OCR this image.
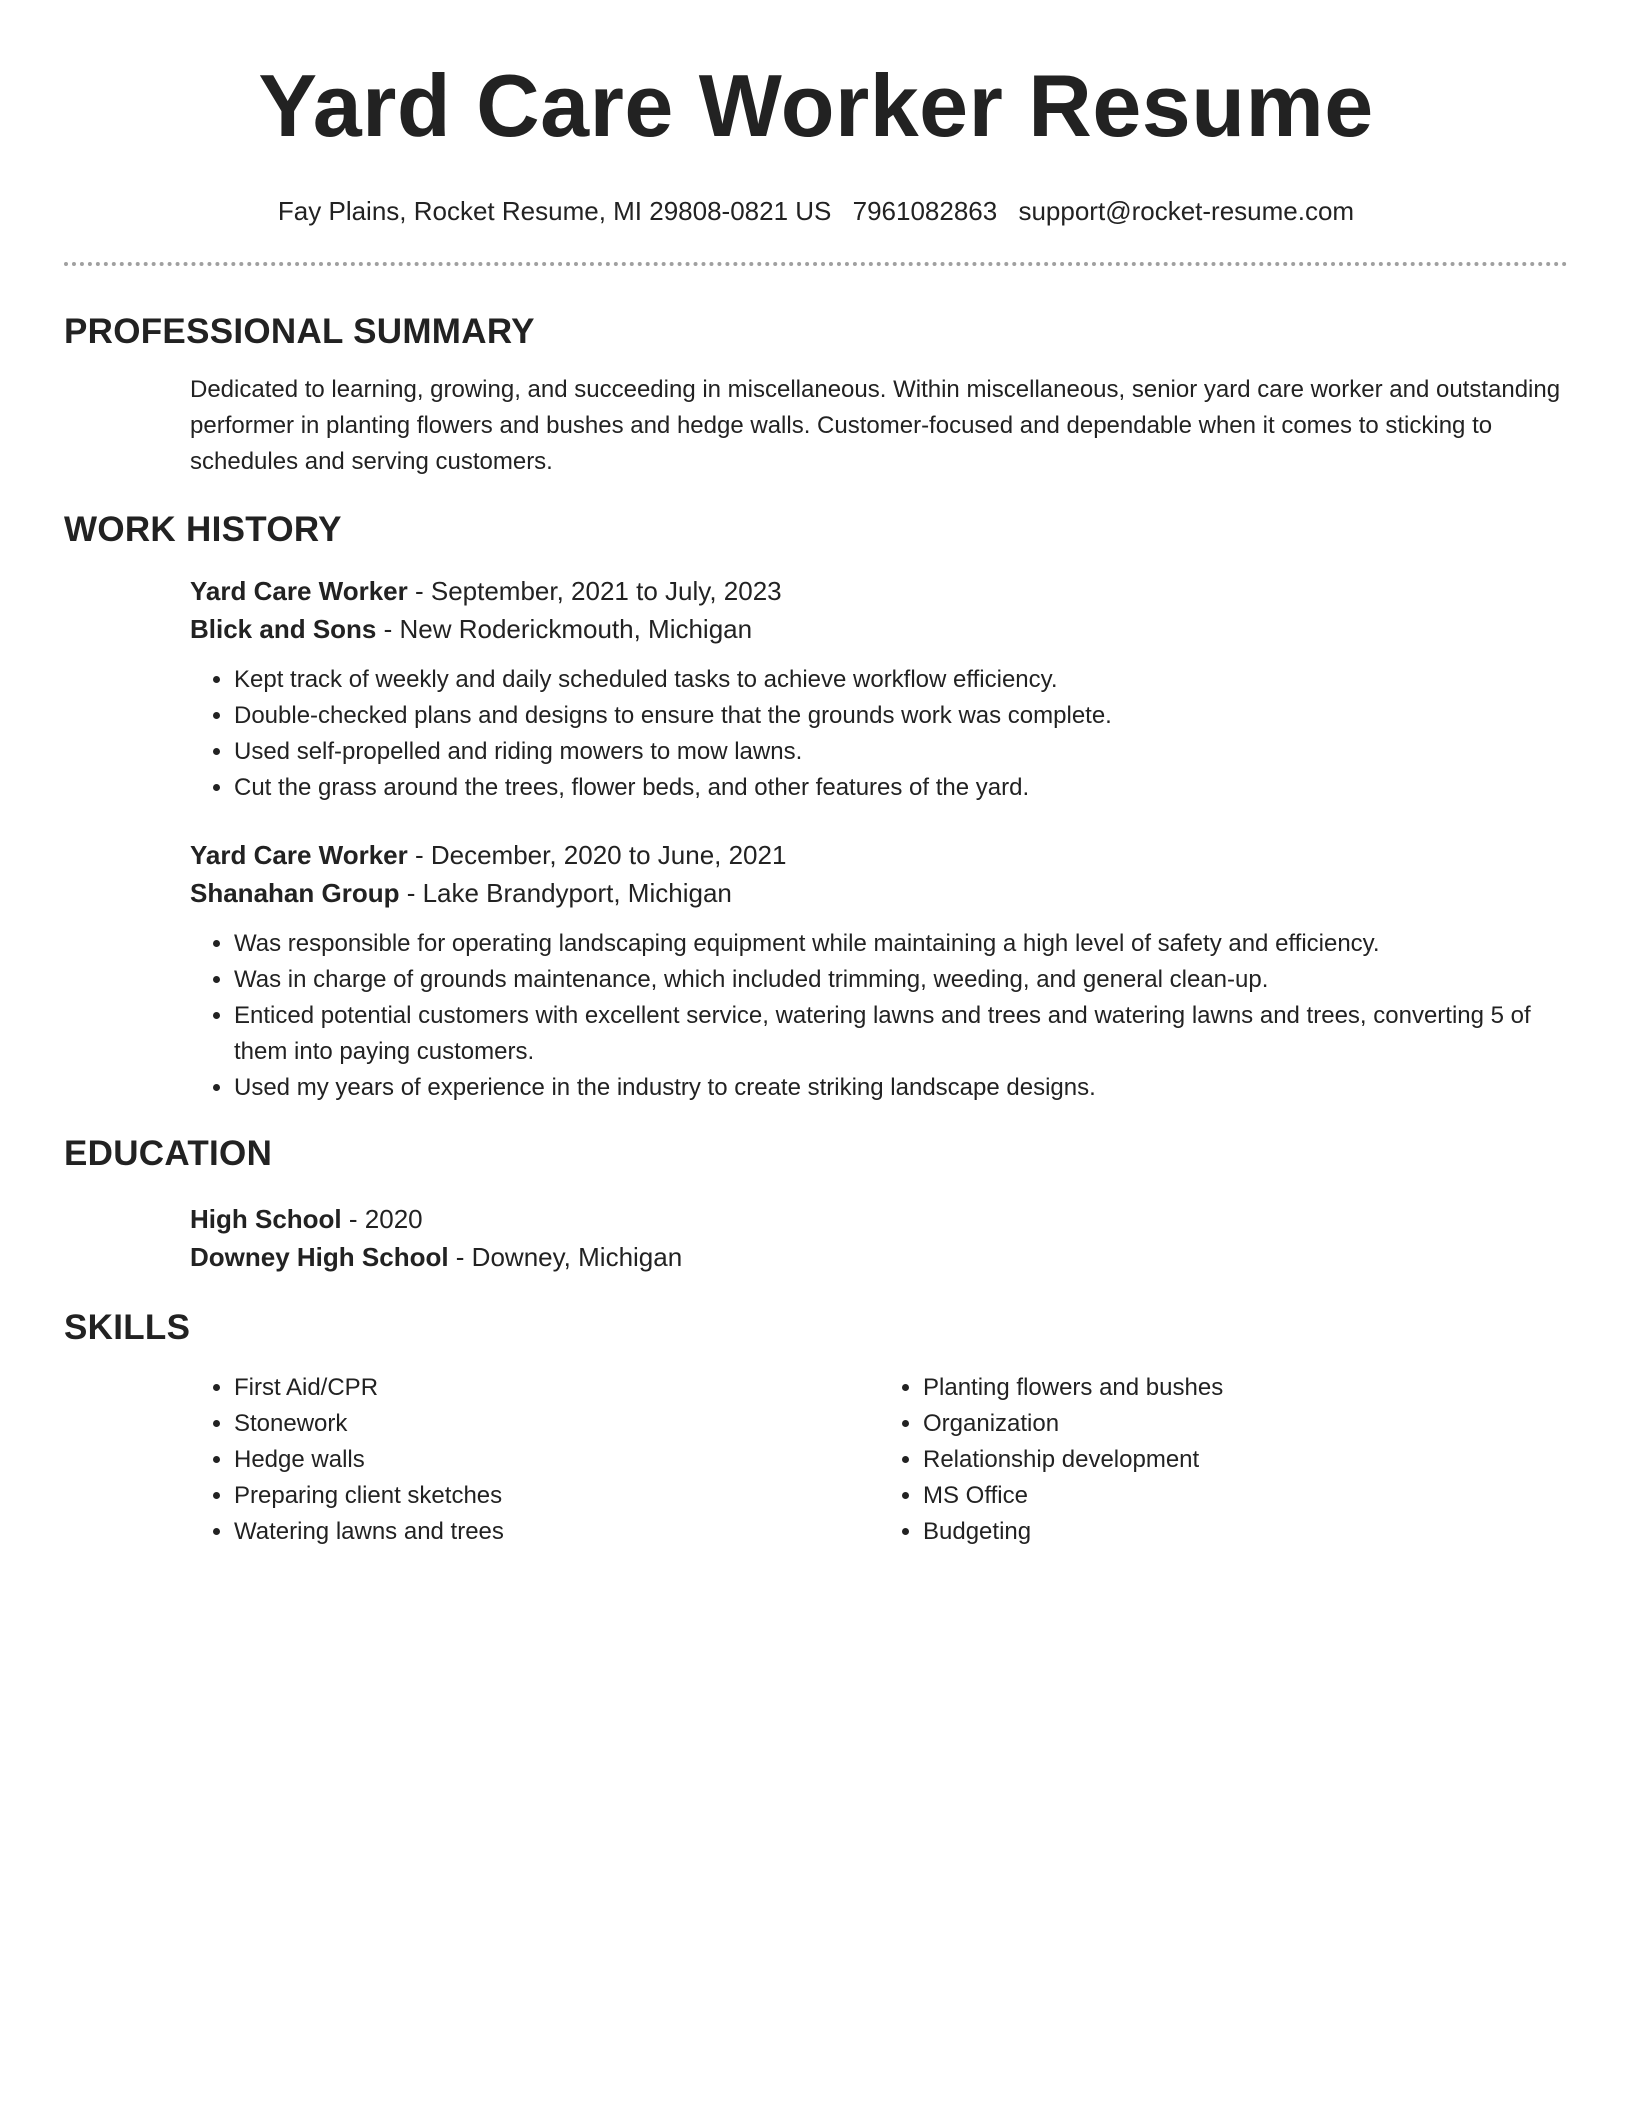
Yard Care Worker Resume
Fay Plains, Rocket Resume, MI 29808-0821 US 7961082863 support@rocket-resume.com
PROFESSIONAL SUMMARY

Dedicated to learning, growing, and succeeding in miscellaneous. Within miscellaneous, senior yard care worker and outstanding performer in planting flowers and bushes and hedge walls. Customer-focused and dependable when it comes to sticking to schedules and serving customers.

WORK HISTORY
Yard Care Worker - September, 2021 to July, 2023
Blick and Sons - New Roderickmouth, Michigan
• Kept track of weekly and daily scheduled tasks to achieve workflow efficiency.
• Double-checked plans and designs to ensure that the grounds work was complete.
• Used self-propelled and riding mowers to mow lawns.
• Cut the grass around the trees, flower beds, and other features of the yard.
Yard Care Worker - December, 2020 to June, 2021
Shanahan Group - Lake Brandyport, Michigan
• Was responsible for operating landscaping equipment while maintaining a high level of safety and efficiency.
• Was in charge of grounds maintenance, which included trimming, weeding, and general clean-up.
• Enticed potential customers with excellent service, watering lawns and trees and watering lawns and trees, converting 5 of them into paying customers.
• Used my years of experience in the industry to create striking landscape designs.
EDUCATION
High School - 2020
Downey High School - Downey, Michigan
SKILLS
• First Aid/CPR
• Stonework
• Hedge walls
• Preparing client sketches
• Watering lawns and trees
• Planting flowers and bushes
• Organization
• Relationship development
• MS Office
• Budgeting
